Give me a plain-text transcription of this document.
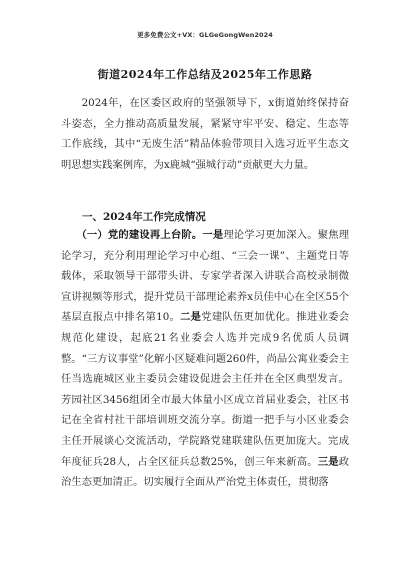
更多免费公文+VX：GLGeGongWen2024
街道2024年工作总结及2025年工作思路
2024年，在区委区政府的坚强领导下，x街道始终保持奋斗姿态，全力推动高质量发展，紧紧守牢平安、稳定、生态等工作底线，其中“无废生活”精品体验带项目入选习近平生态文明思想实践案例库，为x鹿城“强城行动”贡献更大力量。
一、2024年工作完成情况
（一）党的建设再上台阶。一是理论学习更加深入。聚焦理论学习，充分利用理论学习中心组、“三会一课”、主题党日等载体，采取领导干部带头讲、专家学者深入讲联合高校录制微宣讲视频等形式，提升党员干部理论素养x员佳中心在全区55个基层直报点中排名第10。二是党建队伍更加优化。推进业委会规范化建设，起底21名业委会人选并完成9名优质人员调整。“三方议事堂”化解小区疑难问题260件，尚品公寓业委会主任当选鹿城区业主委员会建设促进会主任并在全区典型发言。芳园社区3456组团全市最大体量小区成立首届业委会，社区书记在全省村社干部培训班交流分享。街道一把手与小区业委会主任开展谈心交流活动，学院路党建联建队伍更加庞大。完成年度征兵28人，占全区征兵总数25%，创三年来新高。三是政治生态更加清正。切实履行全面从严治党主体责任，贯彻落
